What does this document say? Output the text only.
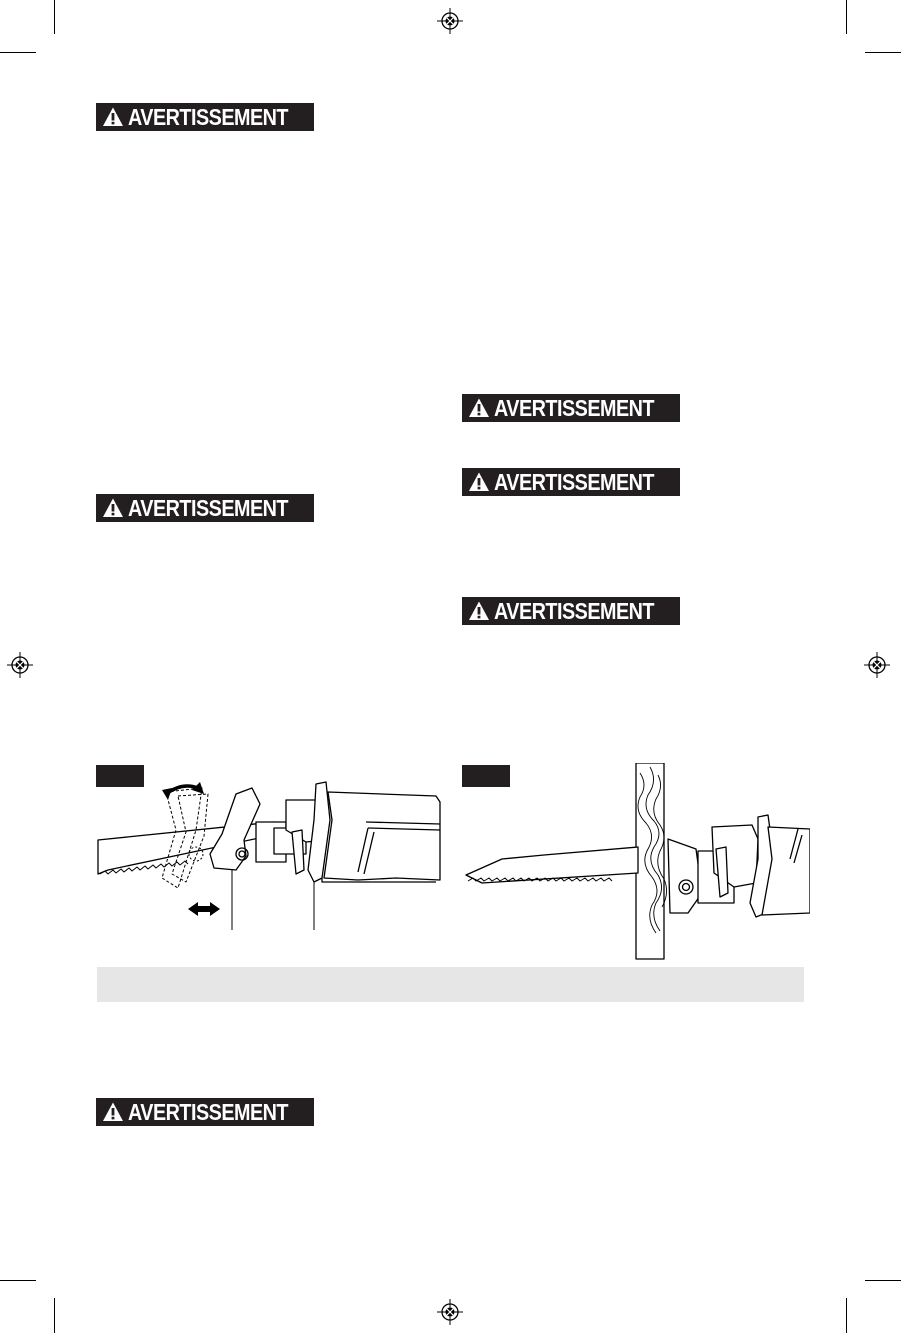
AVERTISSEMENT
AVERTISSEMENT
AVERTISSEMENT
AVERTISSEMENT
AVERTISSEMENT
AVERTISSEMENT
